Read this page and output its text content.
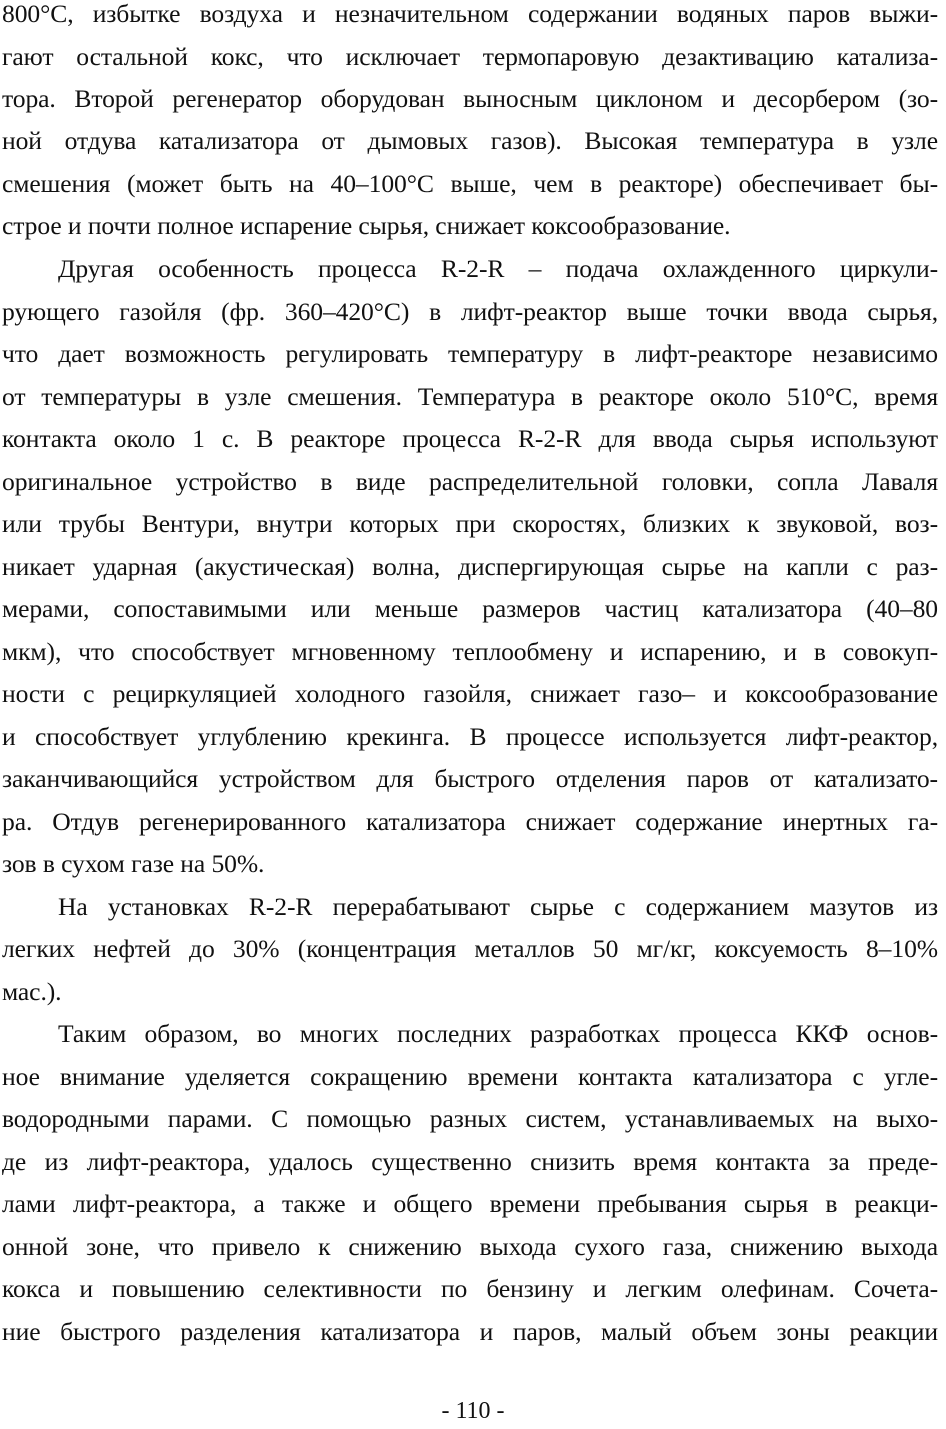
800°С, избытке воздуха и незначительном содержании водяных паров выжи-
гают остальной кокс, что исключает термопаровую дезактивацию катализа-
тора. Второй регенератор оборудован выносным циклоном и десорбером (зо-
ной отдува катализатора от дымовых газов). Высокая температура в узле
смешения (может быть на 40–100°С выше, чем в реакторе) обеспечивает бы-
строе и почти полное испарение сырья, снижает коксообразование.
Другая особенность процесса R-2-R – подача охлажденного циркули-
рующего газойля (фр. 360–420°С) в лифт-реактор выше точки ввода сырья,
что дает возможность регулировать температуру в лифт-реакторе независимо
от температуры в узле смешения. Температура в реакторе около 510°С, время
контакта около 1 с. В реакторе процесса R-2-R для ввода сырья используют
оригинальное устройство в виде распределительной головки, сопла Лаваля
или трубы Вентури, внутри которых при скоростях, близких к звуковой, воз-
никает ударная (акустическая) волна, диспергирующая сырье на капли с раз-
мерами, сопоставимыми или меньше размеров частиц катализатора (40–80
мкм), что способствует мгновенному теплообмену и испарению, и в совокуп-
ности с рециркуляцией холодного газойля, снижает газо– и коксообразование
и способствует углублению крекинга. В процессе используется лифт-реактор,
заканчивающийся устройством для быстрого отделения паров от катализато-
ра. Отдув регенерированного катализатора снижает содержание инертных га-
зов в сухом газе на 50%.
На установках R-2-R перерабатывают сырье с содержанием мазутов из
легких нефтей до 30% (концентрация металлов 50 мг/кг, коксуемость 8–10%
мас.).
Таким образом, во многих последних разработках процесса ККФ основ-
ное внимание уделяется сокращению времени контакта катализатора с угле-
водородными парами. С помощью разных систем, устанавливаемых на выхо-
де из лифт-реактора, удалось существенно снизить время контакта за преде-
лами лифт-реактора, а также и общего времени пребывания сырья в реакци-
онной зоне, что привело к снижению выхода сухого газа, снижению выхода
кокса и повышению селективности по бензину и легким олефинам. Сочета-
ние быстрого разделения катализатора и паров, малый объем зоны реакции
- 110 -
